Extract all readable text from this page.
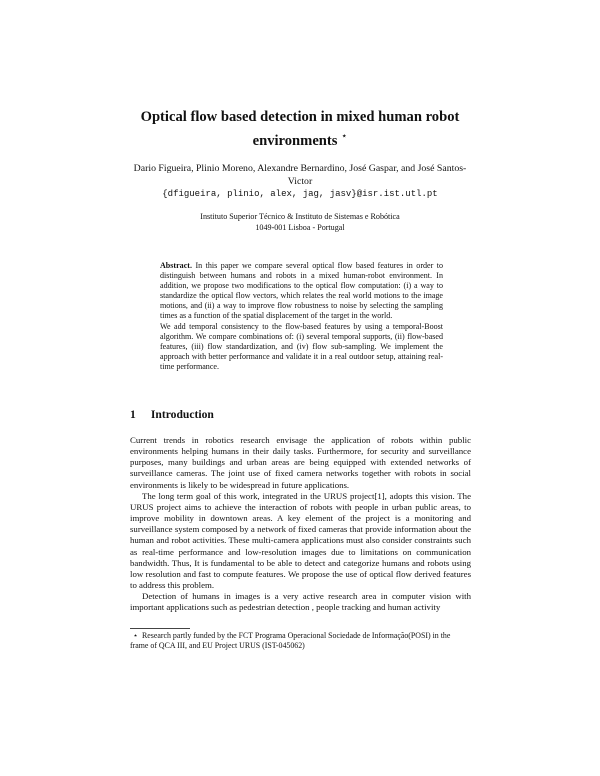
Optical flow based detection in mixed human robot environments ⋆
Dario Figueira, Plinio Moreno, Alexandre Bernardino, José Gaspar, and José Santos-Victor
{dfigueira, plinio, alex, jag, jasv}@isr.ist.utl.pt
Instituto Superior Técnico & Instituto de Sistemas e Robótica
1049-001 Lisboa - Portugal

Abstract. In this paper we compare several optical flow based features in order to distinguish between humans and robots in a mixed human-robot environment. In addition, we propose two modifications to the optical flow computation: (i) a way to standardize the optical flow vectors, which relates the real world motions to the image motions, and (ii) a way to improve flow robustness to noise by selecting the sampling times as a function of the spatial displacement of the target in the world.

We add temporal consistency to the flow-based features by using a temporal-Boost algorithm. We compare combinations of: (i) several temporal supports, (ii) flow-based features, (iii) flow standardization, and (iv) flow sub-sampling. We implement the approach with better performance and validate it in a real outdoor setup, attaining real-time performance.

1 Introduction

Current trends in robotics research envisage the application of robots within public environments helping humans in their daily tasks. Furthermore, for security and surveillance purposes, many buildings and urban areas are being equipped with extended networks of surveillance cameras. The joint use of fixed camera networks together with robots in social environments is likely to be widespread in future applications.

The long term goal of this work, integrated in the URUS project[1], adopts this vision. The URUS project aims to achieve the interaction of robots with people in urban public areas, to improve mobility in downtown areas. A key element of the project is a monitoring and surveillance system composed by a network of fixed cameras that provide information about the human and robot activities. These multi-camera applications must also consider constraints such as real-time performance and low-resolution images due to limitations on communication bandwidth. Thus, It is fundamental to be able to detect and categorize humans and robots using low resolution and fast to compute features. We propose the use of optical flow derived features to address this problem.

Detection of humans in images is a very active research area in computer vision with important applications such as pedestrian detection , people tracking and human activity

⋆ Research partly funded by the FCT Programa Operacional Sociedade de Informação(POSI) in the frame of QCA III, and EU Project URUS (IST-045062)
